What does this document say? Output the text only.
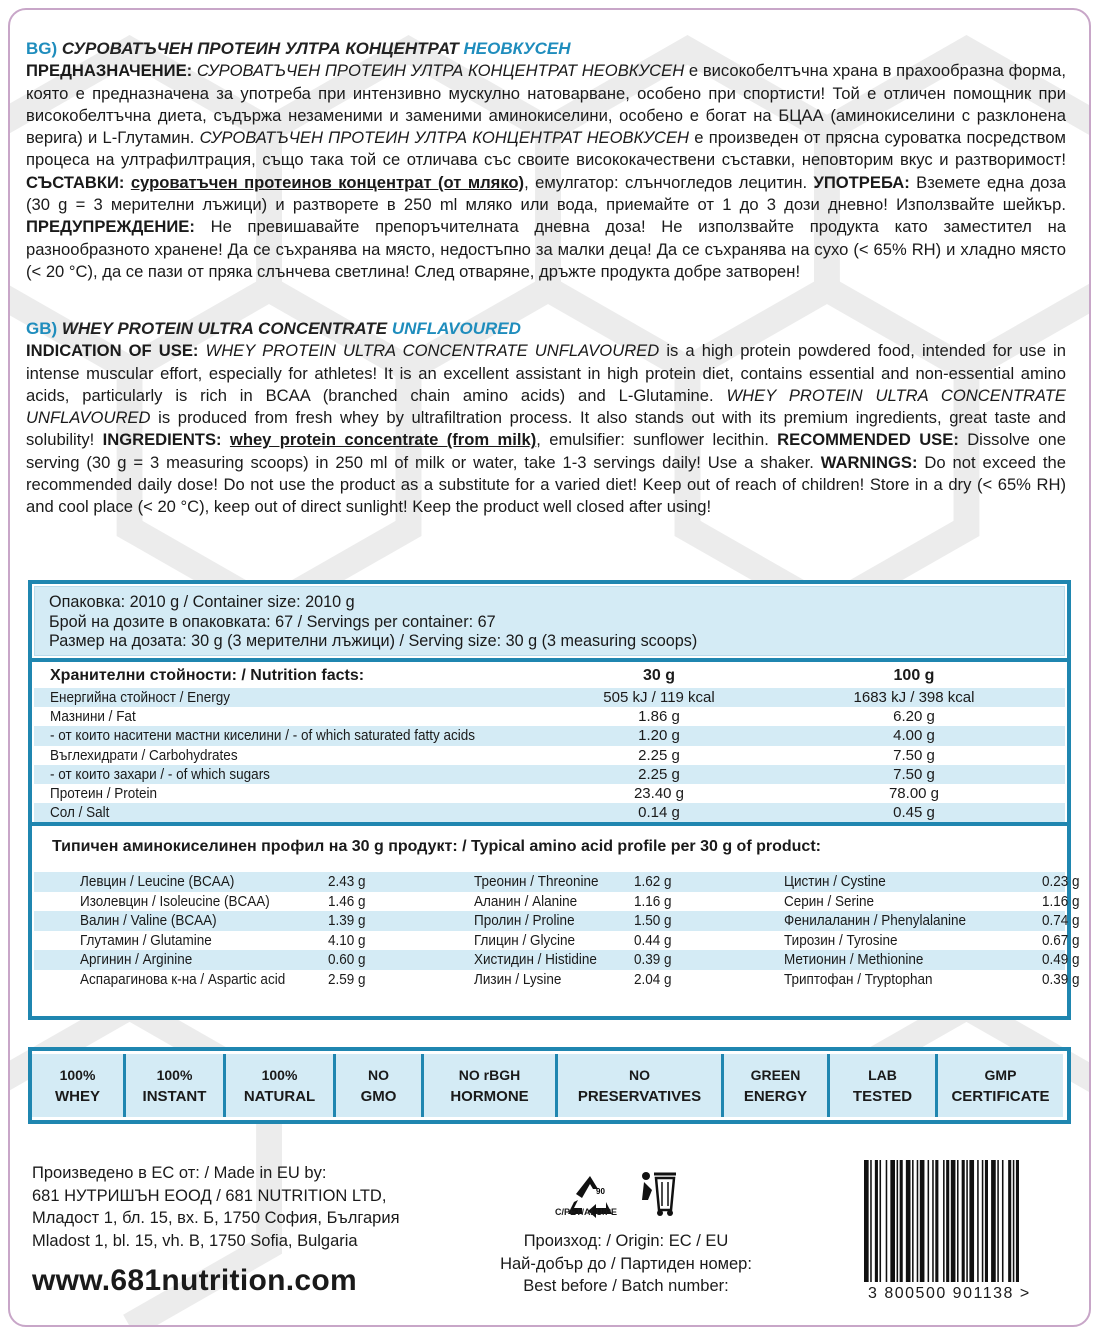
BG) СУРОВАТЪЧЕН ПРОТЕИН УЛТРА КОНЦЕНТРАТ НЕОВКУСЕН
ПРЕДНАЗНАЧЕНИЕ: СУРОВАТЪЧЕН ПРОТЕИН УЛТРА КОНЦЕНТРАТ НЕОВКУСЕН е високобелтъчна храна в прахообразна форма, която е предназначена за употреба при интензивно мускулно натоварване, особено при спортисти! Той е отличен помощник при високобелтъчна диета, съдържа незаменими и заменими аминокиселини, особено е богат на БЦАА (аминокиселини с разклонена верига) и L-Глутамин. СУРОВАТЪЧЕН ПРОТЕИН УЛТРА КОНЦЕНТРАТ НЕОВКУСЕН е произведен от прясна суроватка посредством процеса на ултрафилтрация, също така той се отличава със своите висококачествени съставки, неповторим вкус и разтворимост! СЪСТАВКИ: суроватъчен протеинов концентрат (от мляко), емулгатор: слънчогледов лецитин. УПОТРЕБА: Вземете една доза (30 g = 3 мерителни лъжици) и разтворете в 250 ml мляко или вода, приемайте от 1 до 3 дози дневно! Използвайте шейкър. ПРЕДУПРЕЖДЕНИЕ: Не превишавайте препоръчителната дневна доза! Не използвайте продукта като заместител на разнообразното хранене! Да се съхранява на място, недостъпно за малки деца! Да се съхранява на сухо (< 65% RH) и хладно място (< 20 °C), да се пази от пряка слънчева светлина! След отваряне, дръжте продукта добре затворен!
GB) WHEY PROTEIN ULTRA CONCENTRATE UNFLAVOURED
INDICATION OF USE: WHEY PROTEIN ULTRA CONCENTRATE UNFLAVOURED is a high protein powdered food, intended for use in intense muscular effort, especially for athletes! It is an excellent assistant in high protein diet, contains essential and non-essential amino acids, particularly is rich in BCAA (branched chain amino acids) and L-Glutamine. WHEY PROTEIN ULTRA CONCENTRATE UNFLAVOURED is produced from fresh whey by ultrafiltration process. It also stands out with its premium ingredients, great taste and solubility! INGREDIENTS: whey protein concentrate (from milk), emulsifier: sunflower lecithin. RECOMMENDED USE: Dissolve one serving (30 g = 3 measuring scoops) in 250 ml of milk or water, take 1-3 servings daily! Use a shaker. WARNINGS: Do not exceed the recommended daily dose! Do not use the product as a substitute for a varied diet! Keep out of reach of children! Store in a dry (< 65% RH) and cool place (< 20 °C), keep out of direct sunlight! Keep the product well closed after using!
Опаковка: 2010 g / Container size: 2010 g
Брой на дозите в опаковката: 67 / Servings per container: 67
Размер на дозата: 30 g (3 мерителни лъжици) / Serving size: 30 g (3 measuring scoops)
Хранителни стойности: / Nutrition facts:	30 g	100 g
Енергийна стойност / Energy	505 kJ / 119 kcal	1683 kJ / 398 kcal
Мазнини / Fat	1.86 g	6.20 g
- от които наситени мастни киселини / - of which saturated fatty acids	1.20 g	4.00 g
Въглехидрати / Carbohydrates	2.25 g	7.50 g
- от които захари / - of which sugars	2.25 g	7.50 g
Протеин / Protein	23.40 g	78.00 g
Сол / Salt	0.14 g	0.45 g
Типичен аминокиселинен профил на 30 g продукт: / Typical amino acid profile per 30 g of product:
Левцин / Leucine (BCAA)	2.43 g	Треонин / Threonine 1.62 g	Цистин / Cystine	0.23 g
Изолевцин / Isoleucine (BCAA)	1.46 g	Аланин / Alanine	1.16 g	Серин / Serine	1.16 g
Валин / Valine (BCAA)	1.39 g	Пролин / Proline	1.50 g	Фенилаланин / Phenylalanine	0.74 g
Глутамин / Glutamine	4.10 g	Глицин / Glycine	0.44 g	Тирозин / Tyrosine	0.67 g
Аргинин / Arginine	0.60 g	Хистидин / Histidine 0.39 g	Метионин / Methionine	0.49 g
Аспарагинова к-на / Aspartic acid	2.59 g	Лизин / Lysine	2.04 g	Триптофан / Tryptophan	0.39 g
100%
WHEY
100%
INSTANT
100%
NATURAL
NO
GMO
NO rBGH
HORMONE
NO
PRESERVATIVES
GREEN
ENERGY
LAB
TESTED
GMP
CERTIFICATE
Произведено в ЕС от: / Made in EU by:
681 НУТРИШЪН ЕООД / 681 NUTRITION LTD,
Младост 1, бл. 15, вх. Б, 1750 София, България
Mladost 1, bl. 15, vh. B, 1750 Sofia, Bulgaria
www.681nutrition.com
90
C/PET/ALU/PE
Произход: / Origin: ЕС / EU
Най-добър до / Партиден номер:
Best before / Batch number:	3 800500 901138 >
